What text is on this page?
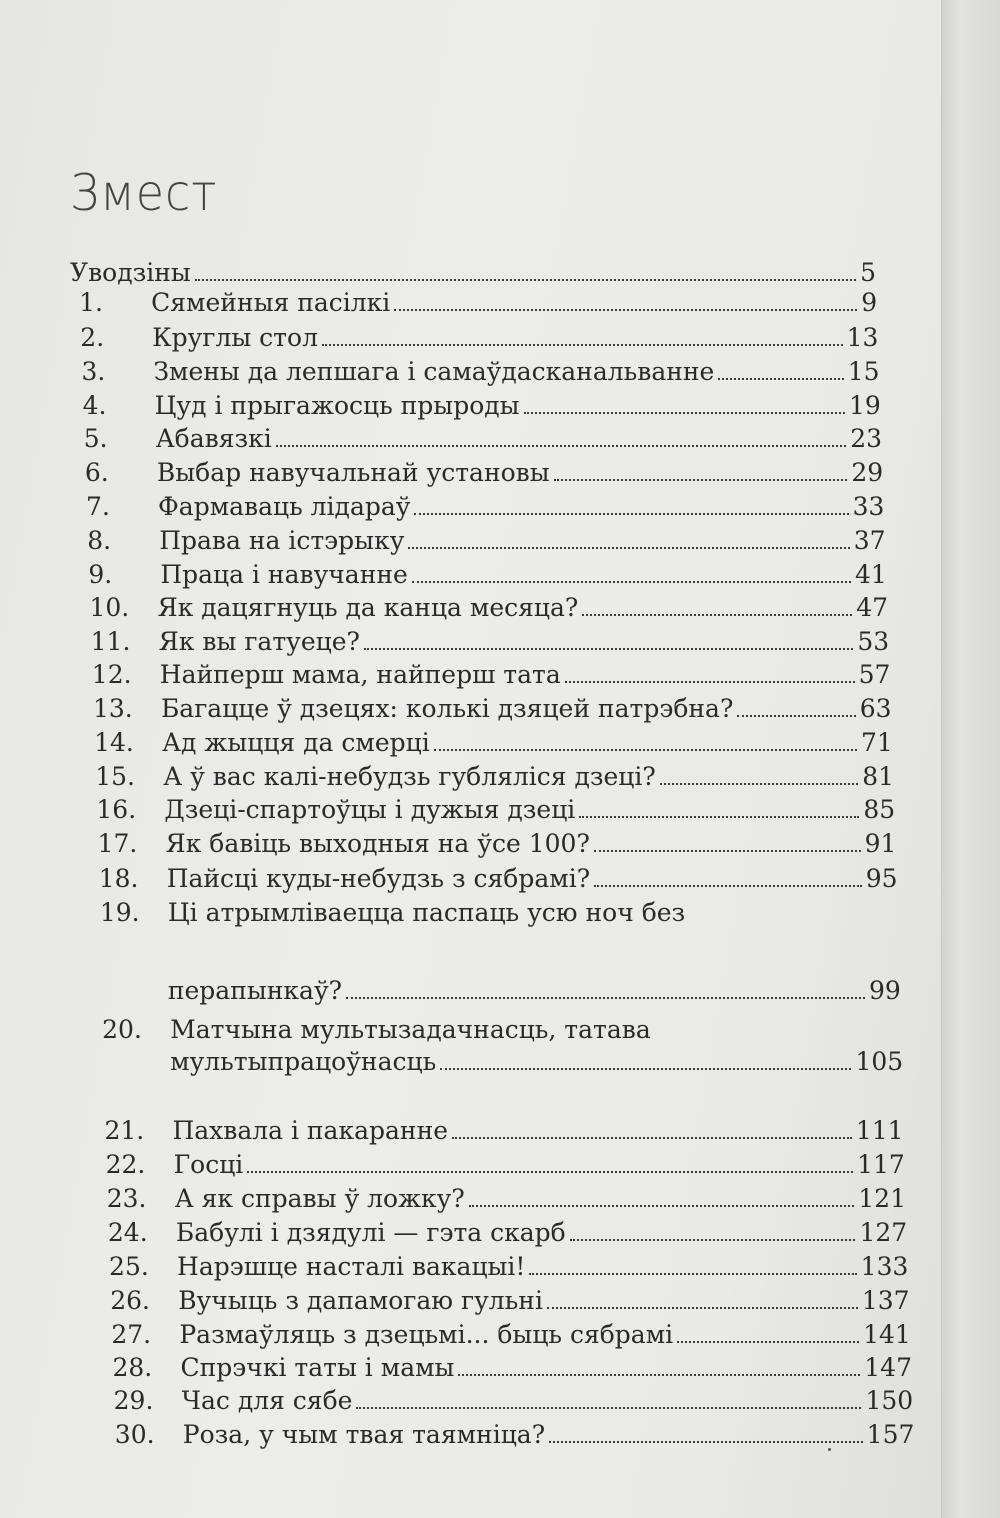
Змест
Уводзіны	5
1.	Сямейныя пасілкі	9
2.	Круглы стол	13
3.	Змены да лепшага і самаўдасканальванне	15
4.	Цуд і прыгажосць прыроды	19
5.	Абавязкі	23
6.	Выбар навучальнай установы	29
7.	Фармаваць лідараў	33
8.	Права на істэрыку	37
9.	Праца і навучанне	41
10.	Як дацягнуць да канца месяца?	47
11.	Як вы гатуеце?	53
12.	Найперш мама, найперш тата	57
13.	Багацце ў дзецях: колькі дзяцей патрэбна?	63
14.	Ад жыцця да смерці	71
15.	А ў вас калі-небудзь губляліся дзеці?	81
16.	Дзеці-спартоўцы і дужыя дзеці	85
17.	Як бавіць выходныя на ўсе 100?	91
18.	Пайсці куды-небудзь з сябрамі?	95
19.	Ці атрымліваецца паспаць усю ноч без
перапынкаў?	99
20.	Матчына мультызадачнасць, татава
мультыпрацоўнасць	105
21.	Пахвала і пакаранне	111
22.	Госці	117
23.	А як справы ў ложку?	121
24.	Бабулі і дзядулі — гэта скарб	127
25.	Нарэшце насталі вакацыі!	133
26.	Вучыць з дапамогаю гульні	137
27.	Размаўляць з дзецьмі... быць сябрамі	141
28.	Спрэчкі таты і мамы	147
29.	Час для сябе	150
30.	Роза, у чым твая таямніца?	157
